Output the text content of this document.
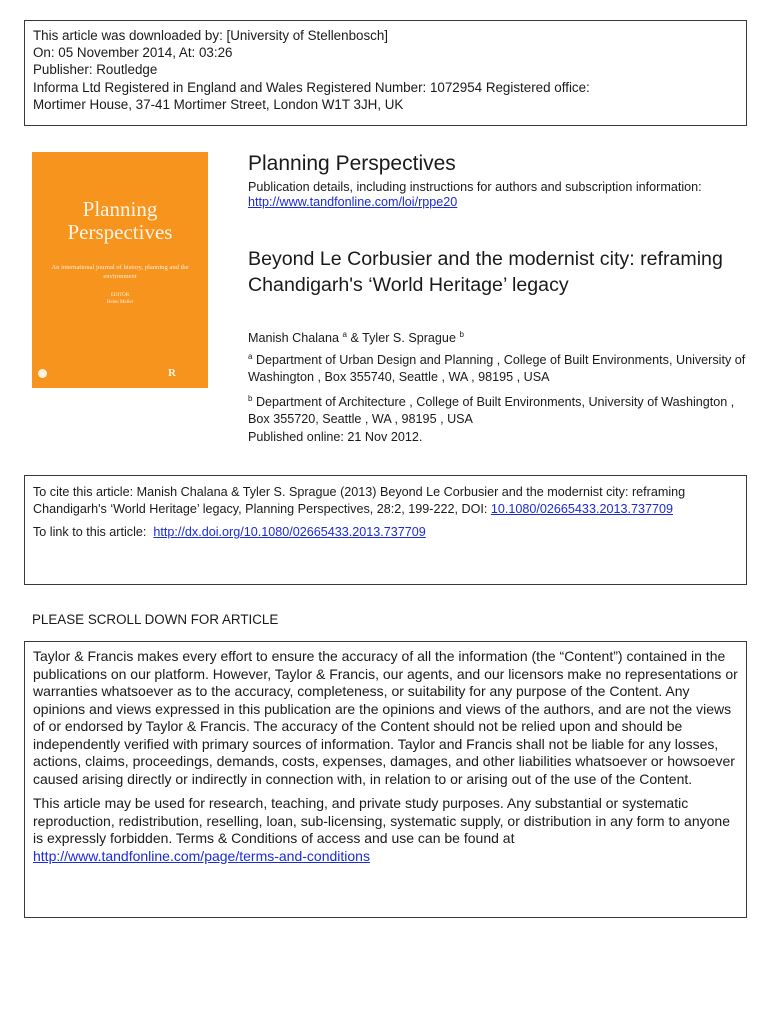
This article was downloaded by: [University of Stellenbosch]
On: 05 November 2014, At: 03:26
Publisher: Routledge
Informa Ltd Registered in England and Wales Registered Number: 1072954 Registered office:
Mortimer House, 37-41 Mortimer Street, London W1T 3JH, UK
Planning Perspectives
An international journal of history, planning and the environment
EDITOR
Helen Meller
R
Planning Perspectives
Publication details, including instructions for authors and subscription information:
http://www.tandfonline.com/loi/rppe20
Beyond Le Corbusier and the modernist city: reframing Chandigarh's ‘World Heritage’ legacy
Manish Chalana $^a$ & Tyler S. Sprague $^b$
$^a$ Department of Urban Design and Planning , College of Built Environments, University of Washington , Box 355740, Seattle , WA , 98195 , USA
$^b$ Department of Architecture , College of Built Environments, University of Washington , Box 355720, Seattle , WA , 98195 , USA
Published online: 21 Nov 2012.
To cite this article: Manish Chalana & Tyler S. Sprague (2013) Beyond Le Corbusier and the modernist city: reframing Chandigarh's ‘World Heritage’ legacy, Planning Perspectives, 28:2, 199-222, DOI: 10.1080/02665433.2013.737709
To link to this article: http://dx.doi.org/10.1080/02665433.2013.737709
PLEASE SCROLL DOWN FOR ARTICLE

Taylor & Francis makes every effort to ensure the accuracy of all the information (the “Content”) contained in the publications on our platform. However, Taylor & Francis, our agents, and our licensors make no representations or warranties whatsoever as to the accuracy, completeness, or suitability for any purpose of the Content. Any opinions and views expressed in this publication are the opinions and views of the authors, and are not the views of or endorsed by Taylor & Francis. The accuracy of the Content should not be relied upon and should be independently verified with primary sources of information. Taylor and Francis shall not be liable for any losses, actions, claims, proceedings, demands, costs, expenses, damages, and other liabilities whatsoever or howsoever caused arising directly or indirectly in connection with, in relation to or arising out of the use of the Content.

This article may be used for research, teaching, and private study purposes. Any substantial or systematic reproduction, redistribution, reselling, loan, sub-licensing, systematic supply, or distribution in any form to anyone is expressly forbidden. Terms & Conditions of access and use can be found at http://www.tandfonline.com/page/terms-and-conditions
